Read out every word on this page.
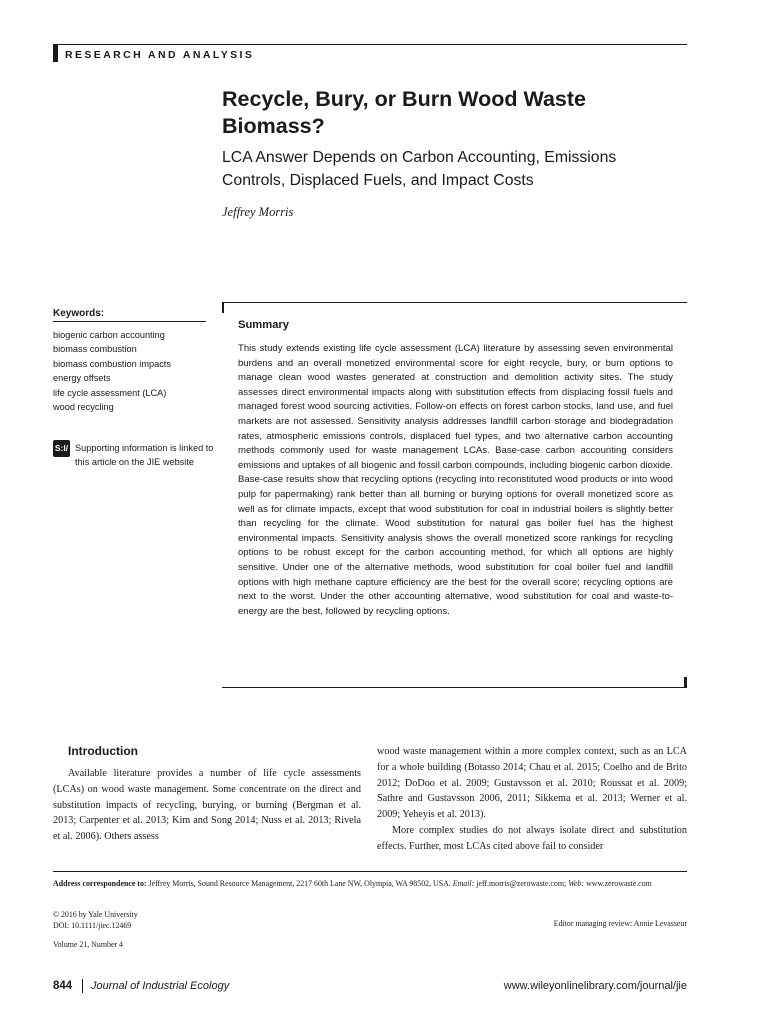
RESEARCH AND ANALYSIS
Recycle, Bury, or Burn Wood Waste
Biomass?
LCA Answer Depends on Carbon Accounting, Emissions
Controls, Displaced Fuels, and Impact Costs
Jeffrey Morris
Keywords:
biogenic carbon accounting
biomass combustion
biomass combustion impacts
energy offsets
life cycle assessment (LCA)
wood recycling
S:I/ Supporting information is linked to this article on the JIE website
Summary
This study extends existing life cycle assessment (LCA) literature by assessing seven environmental burdens and an overall monetized environmental score for eight recycle, bury, or burn options to manage clean wood wastes generated at construction and demolition activity sites. The study assesses direct environmental impacts along with substitution effects from displacing fossil fuels and managed forest wood sourcing activities. Follow-on effects on forest carbon stocks, land use, and fuel markets are not assessed. Sensitivity analysis addresses landfill carbon storage and biodegradation rates, atmospheric emissions controls, displaced fuel types, and two alternative carbon accounting methods commonly used for waste management LCAs. Base-case carbon accounting considers emissions and uptakes of all biogenic and fossil carbon compounds, including biogenic carbon dioxide. Base-case results show that recycling options (recycling into reconstituted wood products or into wood pulp for papermaking) rank better than all burning or burying options for overall monetized score as well as for climate impacts, except that wood substitution for coal in industrial boilers is slightly better than recycling for the climate. Wood substitution for natural gas boiler fuel has the highest environmental impacts. Sensitivity analysis shows the overall monetized score rankings for recycling options to be robust except for the carbon accounting method, for which all options are highly sensitive. Under one of the alternative methods, wood substitution for coal boiler fuel and landfill options with high methane capture efficiency are the best for the overall score; recycling options are next to the worst. Under the other accounting alternative, wood substitution for coal and waste-to-energy are the best, followed by recycling options.
Introduction

Available literature provides a number of life cycle assessments (LCAs) on wood waste management. Some concentrate on the direct and substitution impacts of recycling, burying, or burning (Bergman et al. 2013; Carpenter et al. 2013; Kim and Song 2014; Nuss et al. 2013; Rivela et al. 2006). Others assess

wood waste management within a more complex context, such as an LCA for a whole building (Botasso 2014; Chau et al. 2015; Coelho and de Brito 2012; DoDoo et al. 2009; Gustavsson et al. 2010; Roussat et al. 2009; Sathre and Gustavsson 2006, 2011; Sikkema et al. 2013; Werner et al. 2009; Yeheyis et al. 2013).

More complex studies do not always isolate direct and substitution effects. Further, most LCAs cited above fail to consider

Address correspondence to: Jeffrey Morris, Sound Resource Management, 2217 60th Lane NW, Olympia, WA 98502, USA. Email: jeff.morris@zerowaste.com; Web: www.zerowaste.com
© 2016 by Yale University
DOI: 10.1111/jiec.12469	Editor managing review: Annie Levasseur
Volume 21, Number 4
844 Journal of Industrial Ecology	www.wileyonlinelibrary.com/journal/jie
